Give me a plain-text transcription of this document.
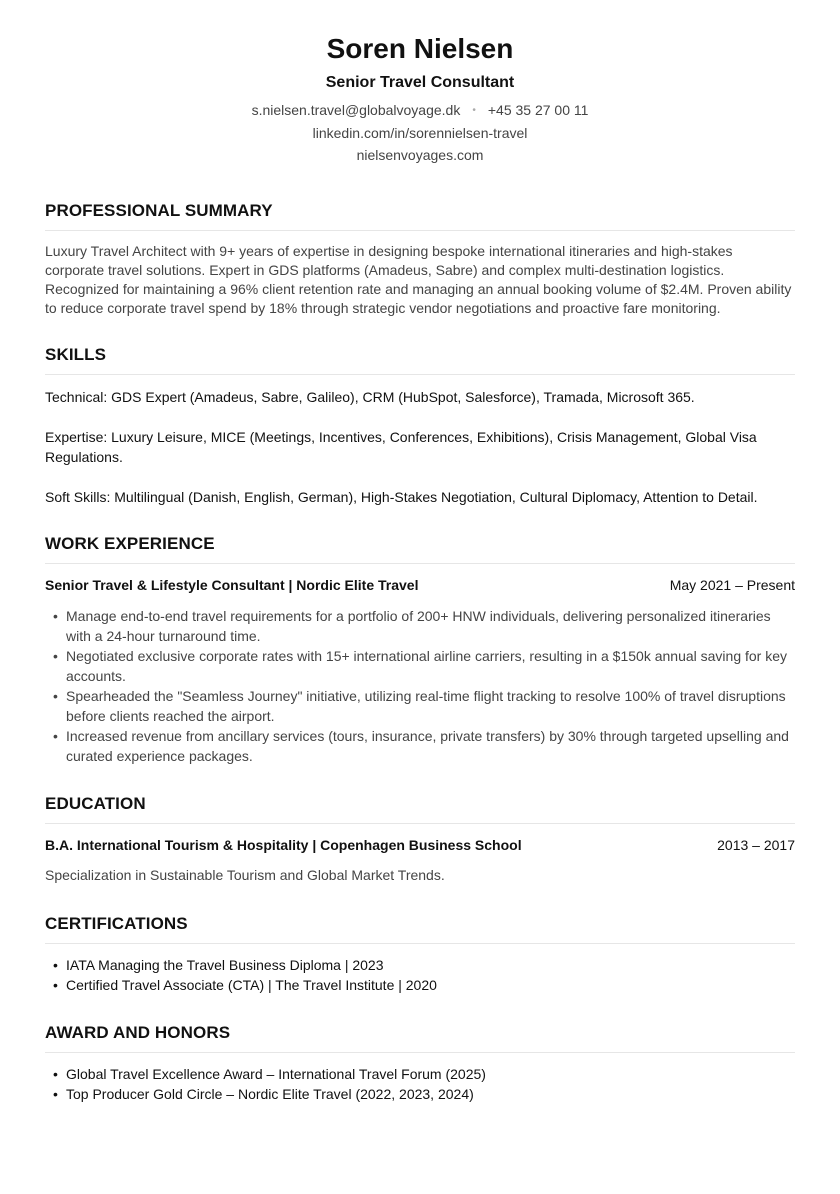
Soren Nielsen
Senior Travel Consultant
s.nielsen.travel@globalvoyage.dk • +45 35 27 00 11
linkedin.com/in/sorennielsen-travel
nielsenvoyages.com
PROFESSIONAL SUMMARY
Luxury Travel Architect with 9+ years of expertise in designing bespoke international itineraries and high-stakes corporate travel solutions. Expert in GDS platforms (Amadeus, Sabre) and complex multi-destination logistics. Recognized for maintaining a 96% client retention rate and managing an annual booking volume of $2.4M. Proven ability to reduce corporate travel spend by 18% through strategic vendor negotiations and proactive fare monitoring.
SKILLS
Technical: GDS Expert (Amadeus, Sabre, Galileo), CRM (HubSpot, Salesforce), Tramada, Microsoft 365.
Expertise: Luxury Leisure, MICE (Meetings, Incentives, Conferences, Exhibitions), Crisis Management, Global Visa Regulations.
Soft Skills: Multilingual (Danish, English, German), High-Stakes Negotiation, Cultural Diplomacy, Attention to Detail.
WORK EXPERIENCE
Senior Travel & Lifestyle Consultant | Nordic Elite Travel	May 2021 – Present
• Manage end-to-end travel requirements for a portfolio of 200+ HNW individuals, delivering personalized itineraries with a 24-hour turnaround time.
• Negotiated exclusive corporate rates with 15+ international airline carriers, resulting in a $150k annual saving for key accounts.
• Spearheaded the "Seamless Journey" initiative, utilizing real-time flight tracking to resolve 100% of travel disruptions before clients reached the airport.
• Increased revenue from ancillary services (tours, insurance, private transfers) by 30% through targeted upselling and curated experience packages.
EDUCATION
B.A. International Tourism & Hospitality | Copenhagen Business School	2013 – 2017
Specialization in Sustainable Tourism and Global Market Trends.
CERTIFICATIONS
• IATA Managing the Travel Business Diploma | 2023
• Certified Travel Associate (CTA) | The Travel Institute | 2020
AWARD AND HONORS
• Global Travel Excellence Award – International Travel Forum (2025)
• Top Producer Gold Circle – Nordic Elite Travel (2022, 2023, 2024)
